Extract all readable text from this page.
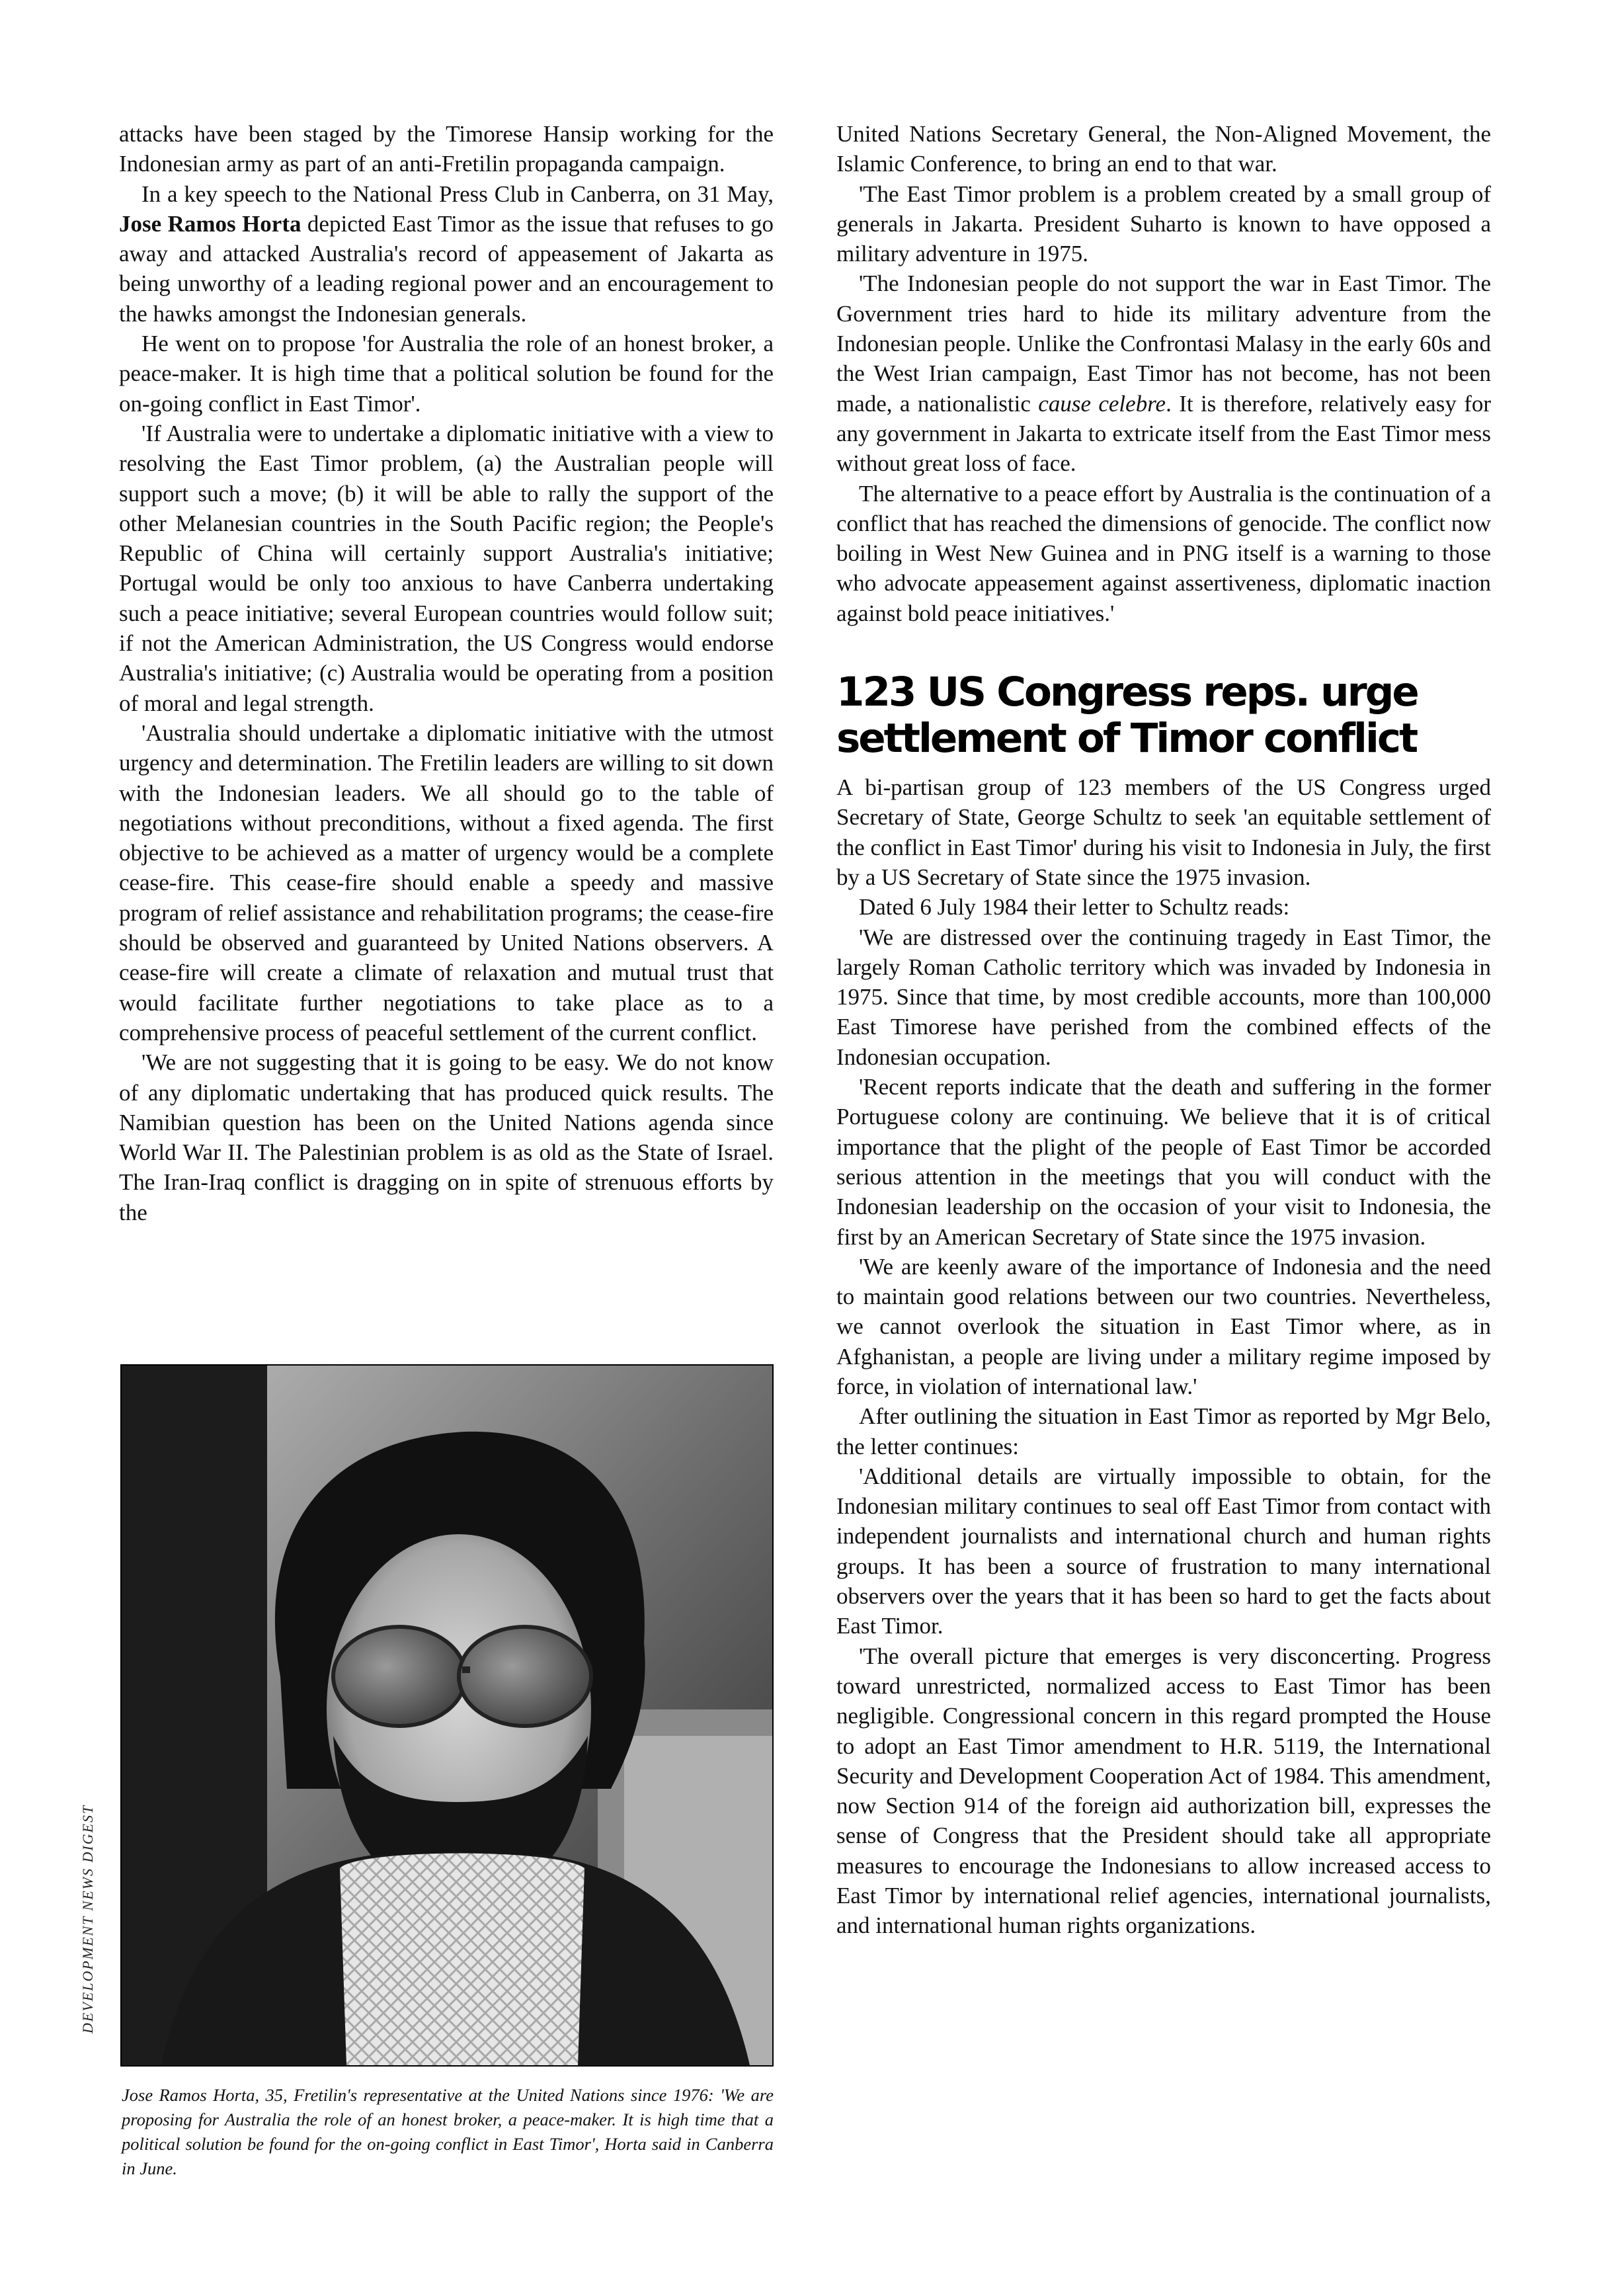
attacks have been staged by the Timorese Hansip working for the Indonesian army as part of an anti-Fretilin propaganda campaign.

In a key speech to the National Press Club in Canberra, on 31 May, Jose Ramos Horta depicted East Timor as the issue that refuses to go away and attacked Australia's record of appeasement of Jakarta as being unworthy of a leading regional power and an encouragement to the hawks amongst the Indonesian generals.

He went on to propose 'for Australia the role of an honest broker, a peace-maker. It is high time that a political solution be found for the on-going conflict in East Timor'.

'If Australia were to undertake a diplomatic initiative with a view to resolving the East Timor problem, (a) the Australian people will support such a move; (b) it will be able to rally the support of the other Melanesian countries in the South Pacific region; the People's Republic of China will certainly support Australia's initiative; Portugal would be only too anxious to have Canberra undertaking such a peace initiative; several European countries would follow suit; if not the American Administration, the US Congress would endorse Australia's initiative; (c) Australia would be operating from a position of moral and legal strength.

'Australia should undertake a diplomatic initiative with the utmost urgency and determination. The Fretilin leaders are willing to sit down with the Indonesian leaders. We all should go to the table of negotiations without preconditions, without a fixed agenda. The first objective to be achieved as a matter of urgency would be a complete cease-fire. This cease-fire should enable a speedy and massive program of relief assistance and rehabilitation programs; the cease-fire should be observed and guaranteed by United Nations observers. A cease-fire will create a climate of relaxation and mutual trust that would facilitate further negotiations to take place as to a comprehensive process of peaceful settlement of the current conflict.

'We are not suggesting that it is going to be easy. We do not know of any diplomatic undertaking that has produced quick results. The Namibian question has been on the United Nations agenda since World War II. The Palestinian problem is as old as the State of Israel. The Iran-Iraq conflict is dragging on in spite of strenuous efforts by the

DEVELOPMENT NEWS DIGEST

Jose Ramos Horta, 35, Fretilin's representative at the United Nations since 1976: 'We are proposing for Australia the role of an honest broker, a peace-maker. It is high time that a political solution be found for the on-going conflict in East Timor', Horta said in Canberra in June.

United Nations Secretary General, the Non-Aligned Movement, the Islamic Conference, to bring an end to that war.

'The East Timor problem is a problem created by a small group of generals in Jakarta. President Suharto is known to have opposed a military adventure in 1975.

'The Indonesian people do not support the war in East Timor. The Government tries hard to hide its military adventure from the Indonesian people. Unlike the Confrontasi Malasy in the early 60s and the West Irian campaign, East Timor has not become, has not been made, a nationalistic cause celebre. It is therefore, relatively easy for any government in Jakarta to extricate itself from the East Timor mess without great loss of face.

The alternative to a peace effort by Australia is the continuation of a conflict that has reached the dimensions of genocide. The conflict now boiling in West New Guinea and in PNG itself is a warning to those who advocate appeasement against assertiveness, diplomatic inaction against bold peace initiatives.'

123 US Congress reps. urge settlement of Timor conflict

A bi-partisan group of 123 members of the US Congress urged Secretary of State, George Schultz to seek 'an equitable settlement of the conflict in East Timor' during his visit to Indonesia in July, the first by a US Secretary of State since the 1975 invasion.

Dated 6 July 1984 their letter to Schultz reads:

'We are distressed over the continuing tragedy in East Timor, the largely Roman Catholic territory which was invaded by Indonesia in 1975. Since that time, by most credible accounts, more than 100,000 East Timorese have perished from the combined effects of the Indonesian occupation.

'Recent reports indicate that the death and suffering in the former Portuguese colony are continuing. We believe that it is of critical importance that the plight of the people of East Timor be accorded serious attention in the meetings that you will conduct with the Indonesian leadership on the occasion of your visit to Indonesia, the first by an American Secretary of State since the 1975 invasion.

'We are keenly aware of the importance of Indonesia and the need to maintain good relations between our two countries. Nevertheless, we cannot overlook the situation in East Timor where, as in Afghanistan, a people are living under a military regime imposed by force, in violation of international law.'

After outlining the situation in East Timor as reported by Mgr Belo, the letter continues:

'Additional details are virtually impossible to obtain, for the Indonesian military continues to seal off East Timor from contact with independent journalists and international church and human rights groups. It has been a source of frustration to many international observers over the years that it has been so hard to get the facts about East Timor.

'The overall picture that emerges is very disconcerting. Progress toward unrestricted, normalized access to East Timor has been negligible. Congressional concern in this regard prompted the House to adopt an East Timor amendment to H.R. 5119, the International Security and Development Cooperation Act of 1984. This amendment, now Section 914 of the foreign aid authorization bill, expresses the sense of Congress that the President should take all appropriate measures to encourage the Indonesians to allow increased access to East Timor by international relief agencies, international journalists, and international human rights organizations.
